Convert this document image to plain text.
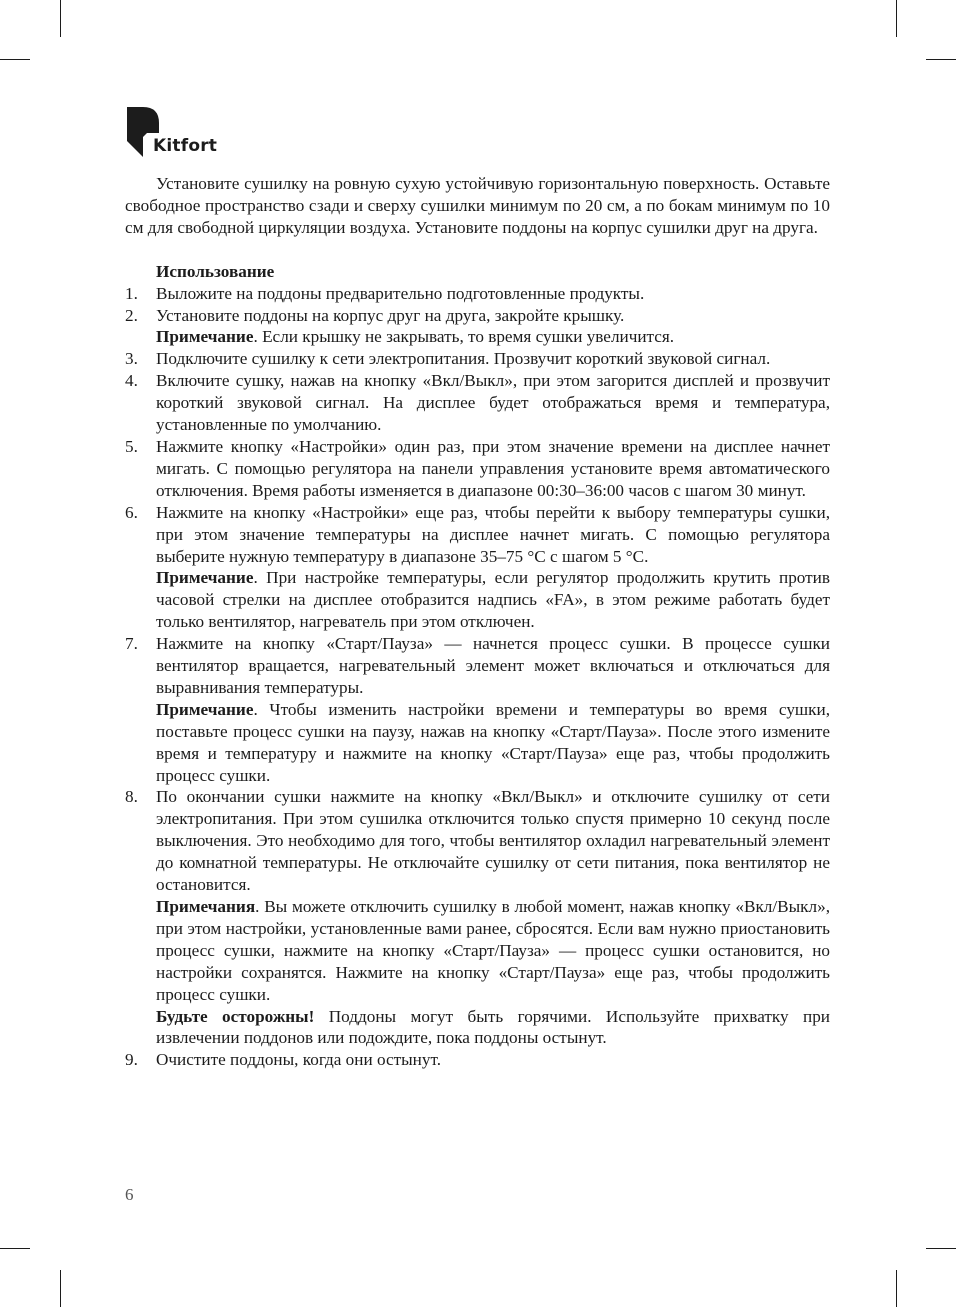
Kitfort

Установите сушилку на ровную сухую устойчивую горизонтальную поверхность. Оставьте свободное пространство сзади и сверху сушилки минимум по 20 см, а по бокам минимум по 10 см для свободной циркуляции воздуха. Установите поддоны на корпус сушилки друг на друга.

Использование

1.	Выложите на поддоны предварительно подготовленные продукты.

2.	Установите поддоны на корпус друг на друга, закройте крышку.

Примечание. Если крышку не закрывать, то время сушки увеличится.

3.	Подключите сушилку к сети электропитания. Прозвучит короткий звуковой сигнал.

4.	Включите сушку, нажав на кнопку «Вкл/Выкл», при этом загорится дисплей и прозвучит короткий звуковой сигнал. На дисплее будет отображаться время и температура, установленные по умолчанию.

5.	Нажмите кнопку «Настройки» один раз, при этом значение времени на дисплее начнет мигать. С помощью регулятора на панели управления установите время автоматического отключения. Время работы изменяется в диапазоне 00:30–36:00 часов с шагом 30 минут.

6.	Нажмите на кнопку «Настройки» еще раз, чтобы перейти к выбору температуры сушки, при этом значение температуры на дисплее начнет мигать. С помощью регулятора выберите нужную температуру в диапазоне 35–75 °С с шагом 5 °С.

Примечание. При настройке температуры, если регулятор продолжить крутить против часовой стрелки на дисплее отобразится надпись «FA», в этом режиме работать будет только вентилятор, нагреватель при этом отключен.

7.	Нажмите на кнопку «Старт/Пауза» — начнется процесс сушки. В процессе сушки вентилятор вращается, нагревательный элемент может включаться и отключаться для выравнивания температуры.

Примечание. Чтобы изменить настройки времени и температуры во время сушки, поставьте процесс сушки на паузу, нажав на кнопку «Старт/Пауза». После этого измените время и температуру и нажмите на кнопку «Старт/Пауза» еще раз, чтобы продолжить процесс сушки.

8.	По окончании сушки нажмите на кнопку «Вкл/Выкл» и отключите сушилку от сети электропитания. При этом сушилка отключится только спустя примерно 10 секунд после выключения. Это необходимо для того, чтобы вентилятор охладил нагревательный элемент до комнатной температуры. Не отключайте сушилку от сети питания, пока вентилятор не остановится.

Примечания. Вы можете отключить сушилку в любой момент, нажав кнопку «Вкл/Выкл», при этом настройки, установленные вами ранее, сбросятся. Если вам нужно приостановить процесс сушки, нажмите на кнопку «Старт/Пауза» — процесс сушки остановится, но настройки сохранятся. Нажмите на кнопку «Старт/Пауза» еще раз, чтобы продолжить процесс сушки.

Будьте осторожны! Поддоны могут быть горячими. Используйте прихватку при извлечении поддонов или подождите, пока поддоны остынут.

9.	Очистите поддоны, когда они остынут.

6
